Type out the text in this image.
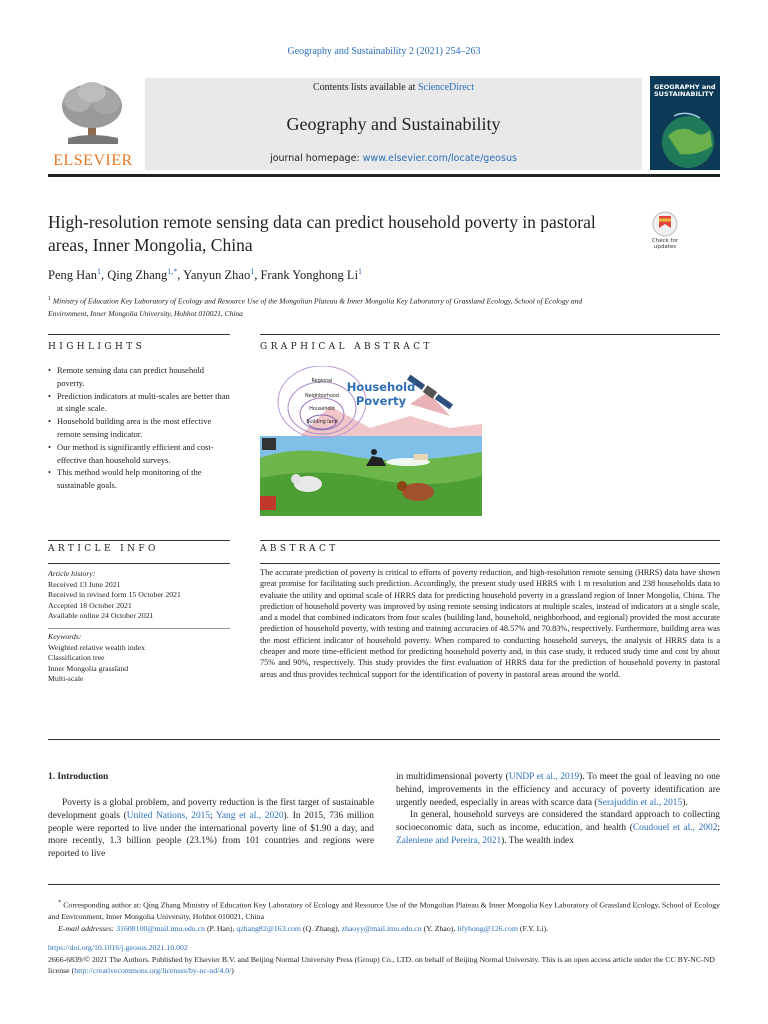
Geography and Sustainability 2 (2021) 254–263
ELSEVIER
Contents lists available at ScienceDirect
Geography and Sustainability
journal homepage: www.elsevier.com/locate/geosus
GEOGRAPHY and
SUSTAINABILITY
High-resolution remote sensing data can predict household poverty in pastoral areas, Inner Mongolia, China	Check for
updates
Peng Han$^1$, Qing Zhang$^{1,*}$, Yanyun Zhao$^1$, Frank Yonghong Li$^1$
$^1$ Ministry of Education Key Laboratory of Ecology and Resource Use of the Mongolian Plateau & Inner Mongolia Key Laboratory of Grassland Ecology, School of Ecology and Environment, Inner Mongolia University, Hohhot 010021, China
HIGHLIGHTS	GRAPHICAL ABSTRACT
• Remote sensing data can predict household poverty.
• Prediction indicators at multi-scales are better than at single scale.
• Household building area is the most effective remote sensing indicator.
• Our method is significantly efficient and cost-effective than household surveys.
• This method would help monitoring of the sustainable goals.
Household
Poverty
Regional
Neighborhood
Household
Building land
ARTICLE INFO	ABSTRACT
Article history:
Received 13 June 2021
Received in revised form 15 October 2021
Accepted 18 October 2021
Available online 24 October 2021
Keywords:
Weighted relative wealth index
Classification tree
Inner Mongolia grassland
Multi-scale
The accurate prediction of poverty is critical to efforts of poverty reduction, and high-resolution remote sensing (HRRS) data have shown great promise for facilitating such prediction. Accordingly, the present study used HRRS with 1 m resolution and 238 households data to evaluate the utility and optimal scale of HRRS data for predicting household poverty in a grassland region of Inner Mongolia, China. The prediction of household poverty was improved by using remote sensing indicators at multiple scales, instead of indicators at a single scale, and a model that combined indicators from four scales (building land, household, neighborhood, and regional) provided the most accurate prediction of household poverty, with testing and training accuracies of 48.57% and 70.83%, respectively. Furthermore, building area was the most efficient indicator of household poverty. When compared to conducting household surveys, the analysis of HRRS data is a cheaper and more time-efficient method for predicting household poverty and, in this case study, it reduced study time and cost by about 75% and 90%, respectively. This study provides the first evaluation of HRRS data for the prediction of household poverty in pastoral areas and thus provides technical support for the identification of poverty in pastoral areas around the world.
1. Introduction
Poverty is a global problem, and poverty reduction is the first target of sustainable development goals (United Nations, 2015; Yang et al., 2020). In 2015, 736 million people were reported to live under the international poverty line of $1.90 a day, and more recently, 1.3 billion people (23.1%) from 101 countries and regions were reported to live
in multidimensional poverty (UNDP et al., 2019). To meet the goal of leaving no one behind, improvements in the efficiency and accuracy of poverty identification are urgently needed, especially in areas with scarce data (Serajuddin et al., 2015).
In general, household surveys are considered the standard approach to collecting socioeconomic data, such as income, education, and health (Coudouel et al., 2002; Zaleniene and Pereira, 2021). The wealth index
* Corresponding author at: Qing Zhang Ministry of Education Key Laboratory of Ecology and Resource Use of the Mongolian Plateau & Inner Mongolia Key Laboratory of Grassland Ecology, School of Ecology and Environment, Inner Mongolia University, Hohhot 010021, China
E-mail addresses: 31608100@mail.imu.edu.cn (P. Han), qzhang82@163.com (Q. Zhang), zhaoyy@mail.imu.edu.cn (Y. Zhao), lifyhong@126.com (F.Y. Li).
https://doi.org/10.1016/j.geosus.2021.10.002
2666-6839/© 2021 The Authors. Published by Elsevier B.V. and Beijing Normal University Press (Group) Co., LTD. on behalf of Beijing Normal University. This is an open access article under the CC BY-NC-ND license (http://creativecommons.org/licenses/by-nc-nd/4.0/)
